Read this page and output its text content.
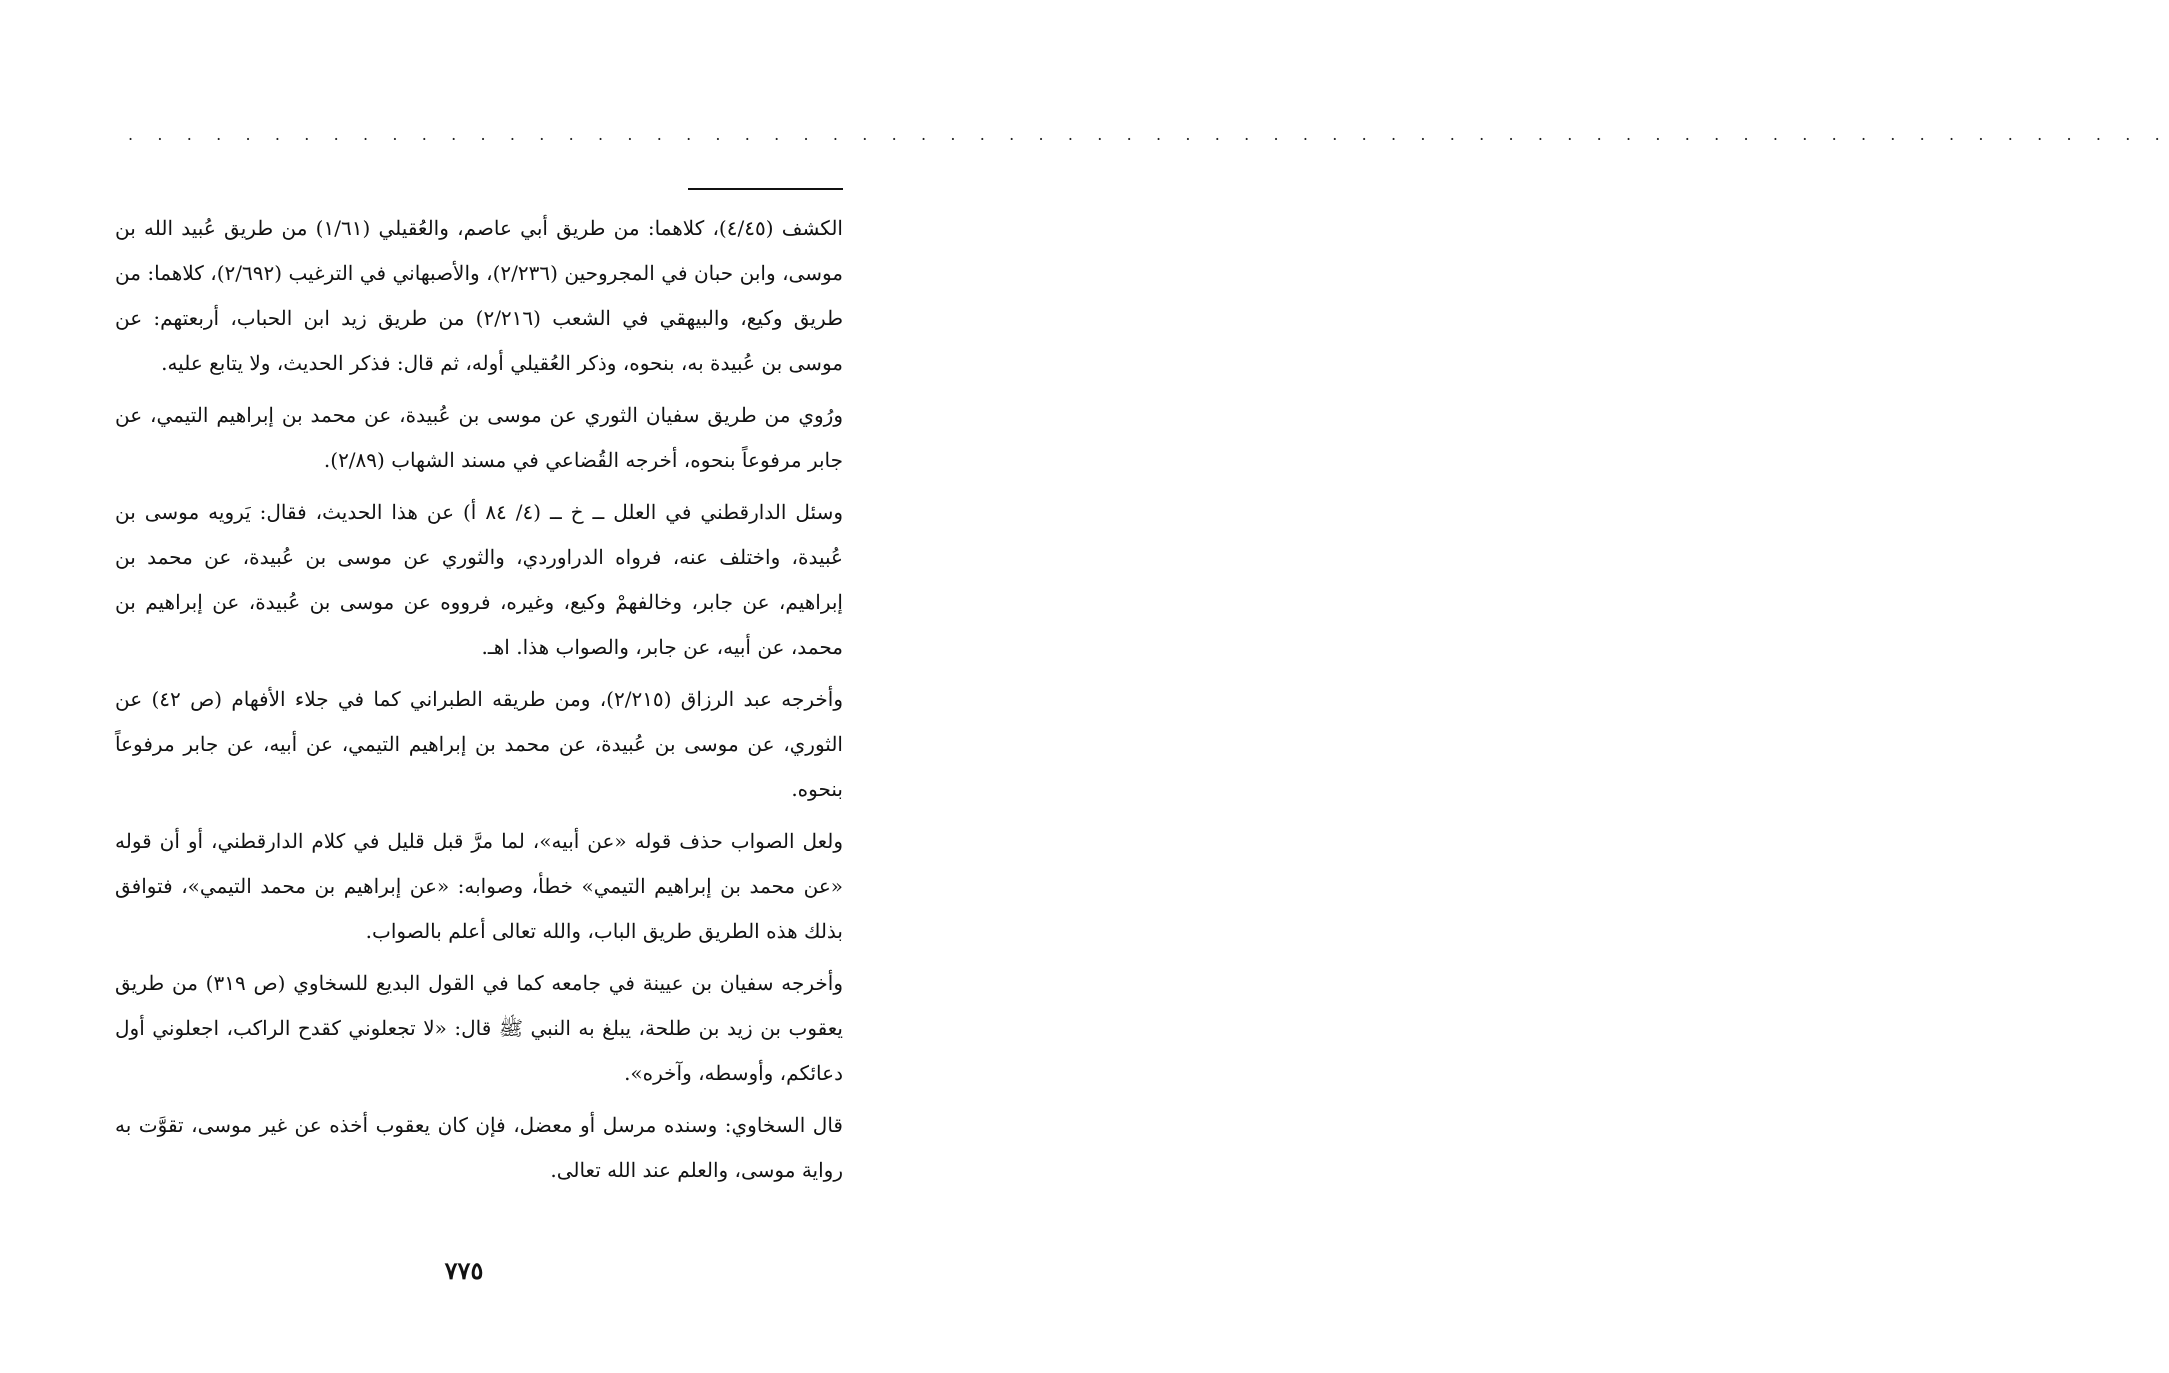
. . . . . . . . . . . . . . . . . . . . . . . . . . . . . . . . . . . . . . . . . . . . . . . . . . . . . . . . . . . . . . . . . . . . . .

الكشف (٤/٤٥)، كلاهما: من طريق أبي عاصم، والعُقيلي (١/٦١) من طريق عُبيد الله بن موسى، وابن حبان في المجروحين (٢/٢٣٦)، والأصبهاني في الترغيب (٢/٦٩٢)، كلاهما: من طريق وكيع، والبيهقي في الشعب (٢/٢١٦) من طريق زيد ابن الحباب، أربعتهم: عن موسى بن عُبيدة به، بنحوه، وذكر العُقيلي أوله، ثم قال: فذكر الحديث، ولا يتابع عليه.

ورُوي من طريق سفيان الثوري عن موسى بن عُبيدة، عن محمد بن إبراهيم التيمي، عن جابر مرفوعاً بنحوه، أخرجه القُضاعي في مسند الشهاب (٢/٨٩).

وسئل الدارقطني في العلل ــ خ ــ (٤/ ٨٤ أ) عن هذا الحديث، فقال: يَرويه موسى بن عُبيدة، واختلف عنه، فرواه الدراوردي، والثوري عن موسى بن عُبيدة، عن محمد بن إبراهيم، عن جابر، وخالفهمْ وكيع، وغيره، فرووه عن موسى بن عُبيدة، عن إبراهيم بن محمد، عن أبيه، عن جابر، والصواب هذا. اهـ.

وأخرجه عبد الرزاق (٢/٢١٥)، ومن طريقه الطبراني كما في جلاء الأفهام (ص ٤٢) عن الثوري، عن موسى بن عُبيدة، عن محمد بن إبراهيم التيمي، عن أبيه، عن جابر مرفوعاً بنحوه.

ولعل الصواب حذف قوله «عن أبيه»، لما مرَّ قبل قليل في كلام الدارقطني، أو أن قوله «عن محمد بن إبراهيم التيمي» خطأ، وصوابه: «عن إبراهيم بن محمد التيمي»، فتوافق بذلك هذه الطريق طريق الباب، والله تعالى أعلم بالصواب.

وأخرجه سفيان بن عيينة في جامعه كما في القول البديع للسخاوي (ص ٣١٩) من طريق يعقوب بن زيد بن طلحة، يبلغ به النبي ﷺ قال: «لا تجعلوني كقدح الراكب، اجعلوني أول دعائكم، وأوسطه، وآخره».

قال السخاوي: وسنده مرسل أو معضل، فإن كان يعقوب أخذه عن غير موسى، تقوَّت به رواية موسى، والعلم عند الله تعالى.

٧٧٥
